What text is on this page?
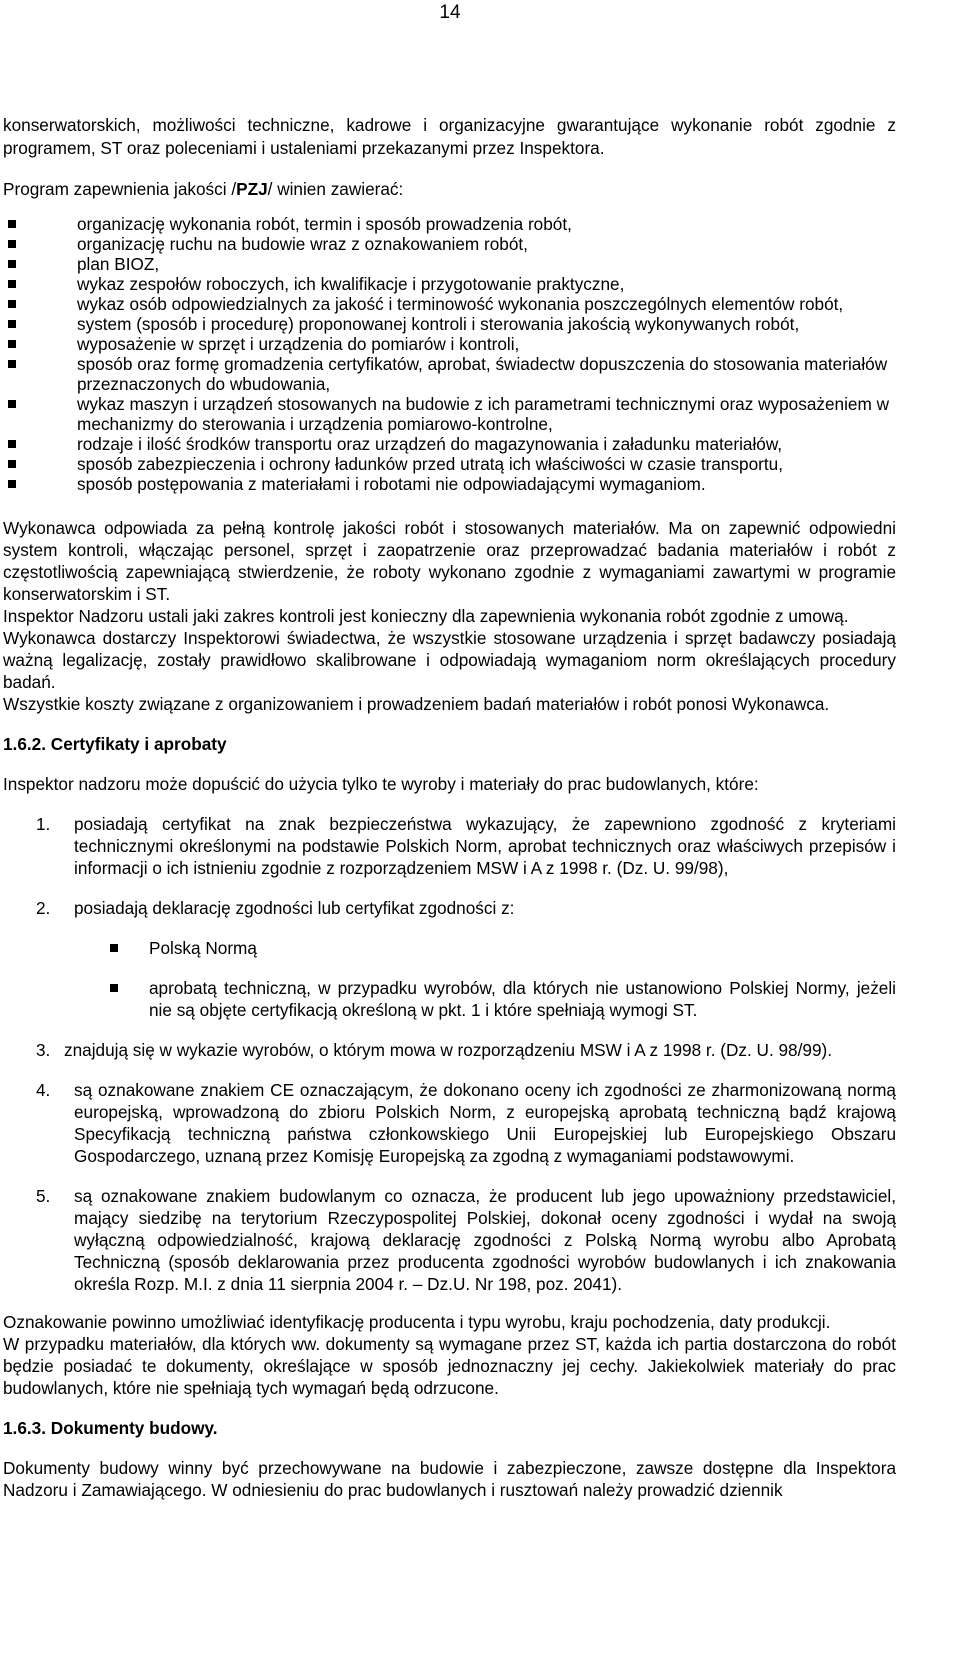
14

konserwatorskich, możliwości techniczne, kadrowe i organizacyjne gwarantujące wykonanie robót zgodnie z programem, ST oraz poleceniami i ustaleniami przekazanymi przez Inspektora.

Program zapewnienia jakości /PZJ/ winien zawierać:

organizację wykonania robót, termin i sposób prowadzenia robót,
organizację ruchu na budowie wraz z oznakowaniem robót,
plan BIOZ,
wykaz zespołów roboczych, ich kwalifikacje i przygotowanie praktyczne,
wykaz osób odpowiedzialnych za jakość i terminowość wykonania poszczególnych elementów robót,
system (sposób i procedurę) proponowanej kontroli i sterowania jakością wykonywanych robót,
wyposażenie w sprzęt i urządzenia do pomiarów i kontroli,
sposób oraz formę gromadzenia certyfikatów, aprobat, świadectw dopuszczenia do stosowania materiałów przeznaczonych do wbudowania,
wykaz maszyn i urządzeń stosowanych na budowie z ich parametrami technicznymi oraz wyposażeniem w mechanizmy do sterowania i urządzenia pomiarowo-kontrolne,
rodzaje i ilość środków transportu oraz urządzeń do magazynowania i załadunku materiałów,
sposób zabezpieczenia i ochrony ładunków przed utratą ich właściwości w czasie transportu,
sposób postępowania z materiałami i robotami nie odpowiadającymi wymaganiom.

Wykonawca odpowiada za pełną kontrolę jakości robót i stosowanych materiałów. Ma on zapewnić odpowiedni system kontroli, włączając personel, sprzęt i zaopatrzenie oraz przeprowadzać badania materiałów i robót z częstotliwością zapewniającą stwierdzenie, że roboty wykonano zgodnie z wymaganiami zawartymi w programie konserwatorskim i ST.

Inspektor Nadzoru ustali jaki zakres kontroli jest konieczny dla zapewnienia wykonania robót zgodnie z umową.

Wykonawca dostarczy Inspektorowi świadectwa, że wszystkie stosowane urządzenia i sprzęt badawczy posiadają ważną legalizację, zostały prawidłowo skalibrowane i odpowiadają wymaganiom norm określających procedury badań.

Wszystkie koszty związane z organizowaniem i prowadzeniem badań materiałów i robót ponosi Wykonawca.

1.6.2. Certyfikaty i aprobaty

Inspektor nadzoru może dopuścić do użycia tylko te wyroby i materiały do prac budowlanych, które:

1. posiadają certyfikat na znak bezpieczeństwa wykazujący, że zapewniono zgodność z kryteriami technicznymi określonymi na podstawie Polskich Norm, aprobat technicznych oraz właściwych przepisów i informacji o ich istnieniu zgodnie z rozporządzeniem MSW i A z 1998 r. (Dz. U. 99/98),
2. posiadają deklarację zgodności lub certyfikat zgodności z:
Polską Normą
aprobatą techniczną, w przypadku wyrobów, dla których nie ustanowiono Polskiej Normy, jeżeli nie są objęte certyfikacją określoną w pkt. 1 i które spełniają wymogi ST.
3. znajdują się w wykazie wyrobów, o którym mowa w rozporządzeniu MSW i A z 1998 r. (Dz. U. 98/99).
4. są oznakowane znakiem CE oznaczającym, że dokonano oceny ich zgodności ze zharmonizowaną normą europejską, wprowadzoną do zbioru Polskich Norm, z europejską aprobatą techniczną bądź krajową Specyfikacją techniczną państwa członkowskiego Unii Europejskiej lub Europejskiego Obszaru Gospodarczego, uznaną przez Komisję Europejską za zgodną z wymaganiami podstawowymi.
5. są oznakowane znakiem budowlanym co oznacza, że producent lub jego upoważniony przedstawiciel, mający siedzibę na terytorium Rzeczypospolitej Polskiej, dokonał oceny zgodności i wydał na swoją wyłączną odpowiedzialność, krajową deklarację zgodności z Polską Normą wyrobu albo Aprobatą Techniczną (sposób deklarowania przez producenta zgodności wyrobów budowlanych i ich znakowania określa Rozp. M.I. z dnia 11 sierpnia 2004 r. – Dz.U. Nr 198, poz. 2041).

Oznakowanie powinno umożliwiać identyfikację producenta i typu wyrobu, kraju pochodzenia, daty produkcji.

W przypadku materiałów, dla których ww. dokumenty są wymagane przez ST, każda ich partia dostarczona do robót będzie posiadać te dokumenty, określające w sposób jednoznaczny jej cechy. Jakiekolwiek materiały do prac budowlanych, które nie spełniają tych wymagań będą odrzucone.

1.6.3. Dokumenty budowy.

Dokumenty budowy winny być przechowywane na budowie i zabezpieczone, zawsze dostępne dla Inspektora Nadzoru i Zamawiającego. W odniesieniu do prac budowlanych i rusztowań należy prowadzić dziennik
